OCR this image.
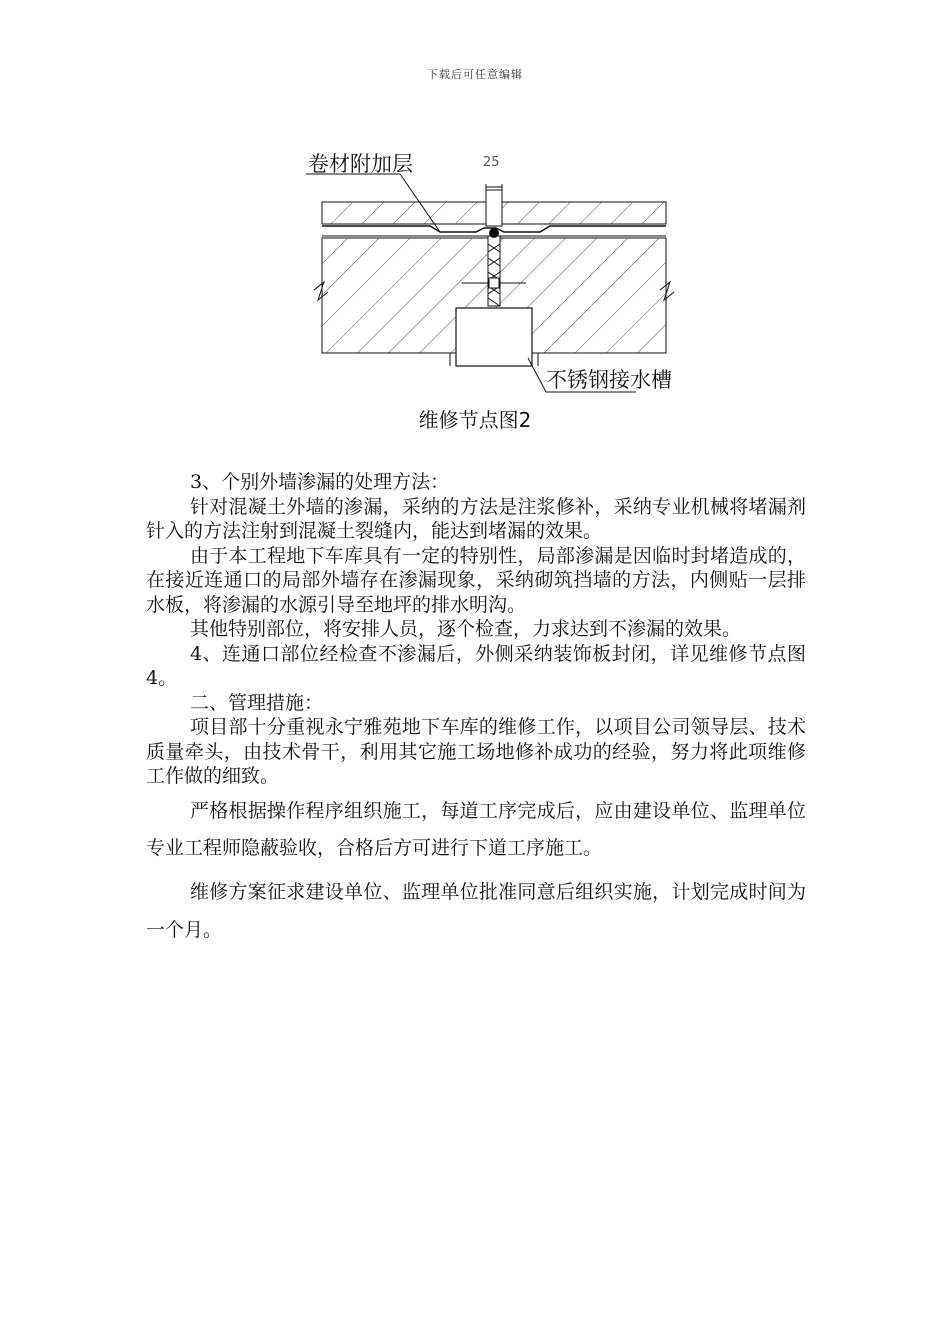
下载后可任意编辑
卷材附加层	25
不锈钢接水槽
维修节点图2

3、个别外墙渗漏的处理方法：

针对混凝土外墙的渗漏，采纳的方法是注浆修补，采纳专业机械将堵漏剂针入的方法注射到混凝土裂缝内，能达到堵漏的效果。

由于本工程地下车库具有一定的特别性，局部渗漏是因临时封堵造成的，在接近连通口的局部外墙存在渗漏现象，采纳砌筑挡墙的方法，内侧贴一层排水板，将渗漏的水源引导至地坪的排水明沟。

其他特别部位，将安排人员，逐个检查，力求达到不渗漏的效果。

4、连通口部位经检查不渗漏后，外侧采纳装饰板封闭，详见维修节点图 4。

二、管理措施：

项目部十分重视永宁雅苑地下车库的维修工作，以项目公司领导层、技术质量牵头，由技术骨干，利用其它施工场地修补成功的经验，努力将此项维修工作做的细致。

严格根据操作程序组织施工，每道工序完成后，应由建设单位、监理单位专业工程师隐蔽验收，合格后方可进行下道工序施工。

维修方案征求建设单位、监理单位批准同意后组织实施，计划完成时间为一个月。
